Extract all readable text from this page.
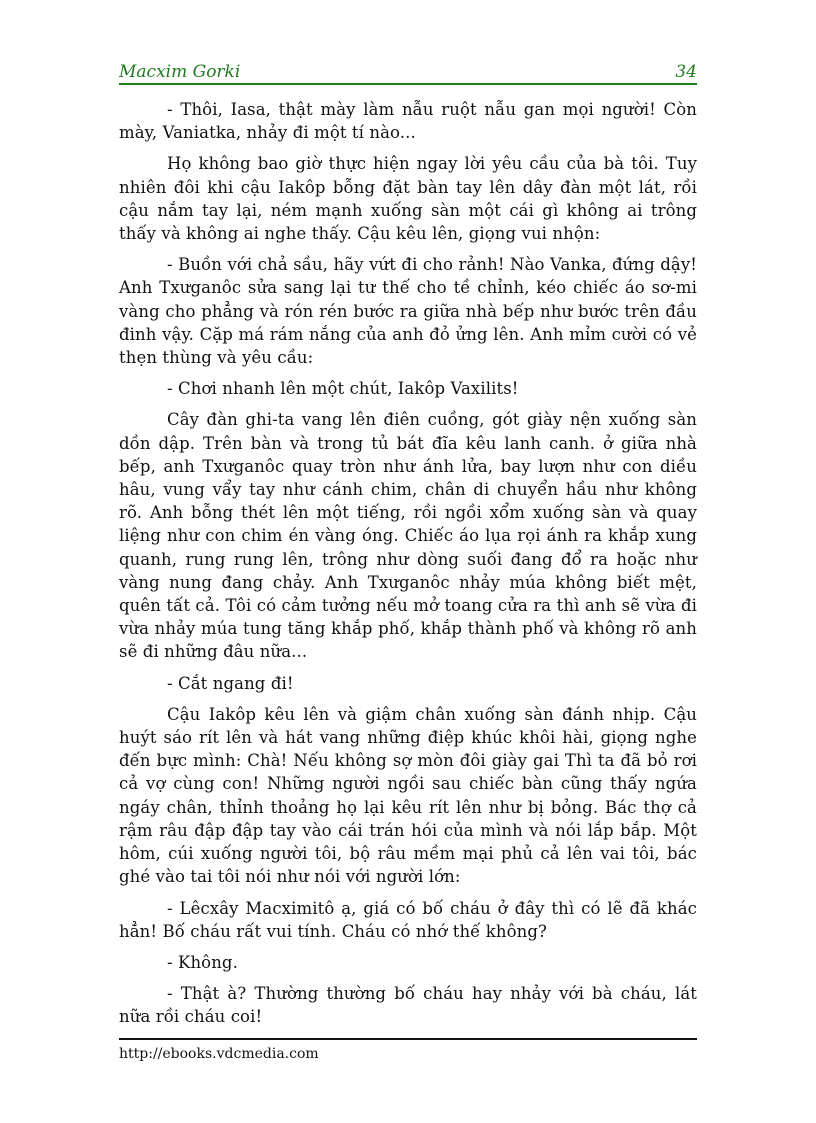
Macxim Gorki	34

- Thôi, Iasa, thật mày làm nẫu ruột nẫu gan mọi người! Còn mày, Vaniatka, nhảy đi một tí nào...

Họ không bao giờ thực hiện ngay lời yêu cầu của bà tôi. Tuy nhiên đôi khi cậu Iakôp bỗng đặt bàn tay lên dây đàn một lát, rồi cậu nắm tay lại, ném mạnh xuống sàn một cái gì không ai trông thấy và không ai nghe thấy. Cậu kêu lên, giọng vui nhộn:

- Buồn với chả sầu, hãy vứt đi cho rảnh! Nào Vanka, đứng dậy! Anh Txưganôc sửa sang lại tư thế cho tề chỉnh, kéo chiếc áo sơ-mi vàng cho phẳng và rón rén bước ra giữa nhà bếp như bước trên đầu đinh vậy. Cặp má rám nắng của anh đỏ ửng lên. Anh mỉm cười có vẻ thẹn thùng và yêu cầu:

- Chơi nhanh lên một chút, Iakôp Vaxilits!

Cây đàn ghi-ta vang lên điên cuồng, gót giày nện xuống sàn dồn dập. Trên bàn và trong tủ bát đĩa kêu lanh canh. ở giữa nhà bếp, anh Txưganôc quay tròn như ánh lửa, bay lượn như con diều hâu, vung vẩy tay như cánh chim, chân di chuyển hầu như không rõ. Anh bỗng thét lên một tiếng, rồi ngồi xổm xuống sàn và quay liệng như con chim én vàng óng. Chiếc áo lụa rọi ánh ra khắp xung quanh, rung rung lên, trông như dòng suối đang đổ ra hoặc như vàng nung đang chảy. Anh Txưganôc nhảy múa không biết mệt, quên tất cả. Tôi có cảm tưởng nếu mở toang cửa ra thì anh sẽ vừa đi vừa nhảy múa tung tăng khắp phố, khắp thành phố và không rõ anh sẽ đi những đâu nữa...

- Cắt ngang đi!

Cậu Iakôp kêu lên và giậm chân xuống sàn đánh nhịp. Cậu huýt sáo rít lên và hát vang những điệp khúc khôi hài, giọng nghe đến bực mình: Chà! Nếu không sợ mòn đôi giày gai Thì ta đã bỏ rơi cả vợ cùng con! Những người ngồi sau chiếc bàn cũng thấy ngứa ngáy chân, thỉnh thoảng họ lại kêu rít lên như bị bỏng. Bác thợ cả rậm râu đập đập tay vào cái trán hói của mình và nói lắp bắp. Một hôm, cúi xuống người tôi, bộ râu mềm mại phủ cả lên vai tôi, bác ghé vào tai tôi nói như nói với người lớn:

- Lêcxây Macximitô ạ, giá có bố cháu ở đây thì có lẽ đã khác hẳn! Bố cháu rất vui tính. Cháu có nhớ thế không?

- Không.

- Thật à? Thường thường bố cháu hay nhảy với bà cháu, lát nữa rồi cháu coi!

http://ebooks.vdcmedia.com
